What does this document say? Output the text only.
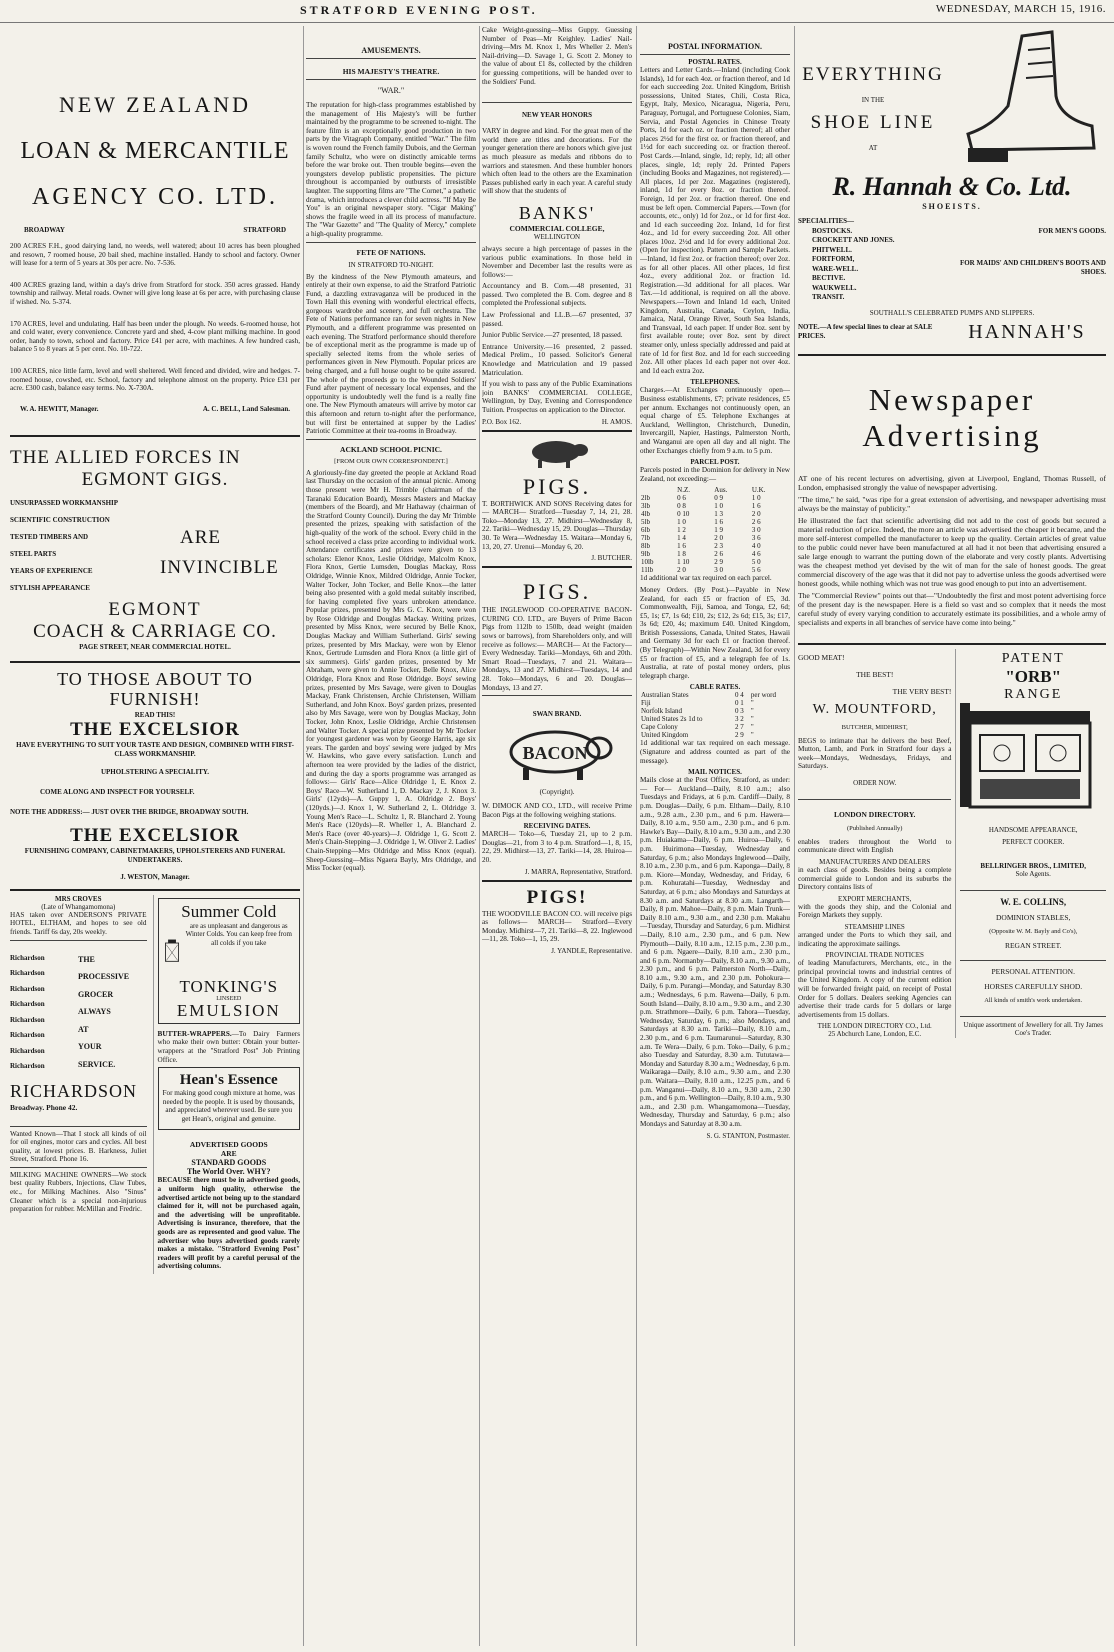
STRATFORD EVENING POST.	WEDNESDAY, MARCH 15, 1916.
NEW ZEALAND
LOAN & MERCANTILE
AGENCY CO. LTD.
BROADWAY	STRATFORD

200 ACRES F.H., good dairying land, no weeds, well watered; about 10 acres has been ploughed and resown, 7 roomed house, 20 bail shed, machine installed. Handy to school and factory. Owner will lease for a term of 5 years at 30s per acre. No. 7-536.

400 ACRES grazing land, within a day's drive from Stratford for stock. 350 acres grassed. Handy township and railway. Metal roads. Owner will give long lease at 6s per acre, with purchasing clause if wished. No. 5-374.

170 ACRES, level and undulating. Half has been under the plough. No weeds. 6-roomed house, hot and cold water, every convenience. Concrete yard and shed, 4-cow plant milking machine. In good order, handy to town, school and factory. Price £41 per acre, with machines. A few hundred cash, balance 5 to 8 years at 5 per cent. No. 10-722.

100 ACRES, nice little farm, level and well sheltered. Well fenced and divided, wire and hedges. 7-roomed house, cowshed, etc. School, factory and telephone almost on the property. Price £31 per acre. £300 cash, balance easy terms. No. X-730A.

W. A. HEWITT, Manager.	A. C. BELL, Land Salesman.
THE ALLIED FORCES IN
EGMONT GIGS.
UNSURPASSED WORKMANSHIP
SCIENTIFIC CONSTRUCTION
TESTED TIMBERS AND
STEEL PARTS
YEARS OF EXPERIENCE
STYLISH APPEARANCE
ARE
INVINCIBLE
EGMONT
COACH & CARRIAGE CO.
PAGE STREET, NEAR COMMERCIAL HOTEL.
TO THOSE ABOUT TO
FURNISH!
READ THIS!
THE EXCELSIOR
HAVE EVERYTHING TO SUIT YOUR TASTE AND DESIGN, COMBINED WITH FIRST-CLASS WORKMANSHIP.
UPHOLSTERING A SPECIALITY.
COME ALONG AND INSPECT FOR YOURSELF.
NOTE THE ADDRESS:— JUST OVER THE BRIDGE, BROADWAY SOUTH.
THE EXCELSIOR
FURNISHING COMPANY, CABINETMAKERS, UPHOLSTERERS AND FUNERAL UNDERTAKERS.
J. WESTON, Manager.
MRS CROVES
(Late of Whangamomona)

HAS taken over ANDERSON'S PRIVATE HOTEL, ELTHAM, and hopes to see old friends. Tariff 6s day, 20s weekly.

Richardson
Richardson
Richardson
Richardson
Richardson
Richardson
Richardson
Richardson
THE
PROCESSIVE
GROCER
ALWAYS
AT
YOUR
SERVICE.
RICHARDSON
Broadway. Phone 42.

Wanted Known—That I stock all kinds of oil for oil engines, motor cars and cycles. All best quality, at lowest prices. B. Harkness, Juliet Street, Stratford. Phone 16.

MILKING MACHINE OWNERS—We stock best quality Rubbers, Injections, Claw Tubes, etc., for Milking Machines. Also "Sinus" Cleaner which is a special non-injurious preparation for rubber. McMillan and Fredric.

Summer Cold

are as unpleasant and dangerous as Winter Colds. You can keep free from all colds if you take

TONKING'S
LINSEED
EMULSION

BUTTER-WRAPPERS.—To Dairy Farmers who make their own butter: Obtain your butter-wrappers at the "Stratford Post" Job Printing Office.

Hean's Essence

For making good cough mixture at home, was needed by the people. It is used by thousands, and appreciated wherever used. Be sure you get Hean's, original and genuine.

ADVERTISED GOODS
ARE
STANDARD GOODS
The World Over. WHY?

BECAUSE there must be in advertised goods, a uniform high quality, otherwise the advertised article not being up to the standard claimed for it, will not be purchased again, and the advertising will be unprofitable. Advertising is insurance, therefore, that the goods are as represented and good value. The advertiser who buys advertised goods rarely makes a mistake. "Stratford Evening Post" readers will profit by a careful perusal of the advertising columns.

AMUSEMENTS.
HIS MAJESTY'S THEATRE.
"WAR."

The reputation for high-class programmes established by the management of His Majesty's will be further maintained by the programme to be screened to-night. The feature film is an exceptionally good production in two parts by the Vitagraph Company, entitled "War." The film is woven round the French family Dubois, and the German family Schultz, who were on distinctly amicable terms before the war broke out. Then trouble begins—even the youngsters develop publistic propensities. The picture throughout is accompanied by outbursts of irresistible laughter. The supporting films are "The Cornet," a pathetic drama, which introduces a clever child actress. "If May Be You" is an original newspaper story. "Cigar Making" shows the fragile weed in all its process of manufacture. The "War Gazette" and "The Quality of Mercy," complete a high-quality programme.

FETE OF NATIONS.
IN STRATFORD TO-NIGHT.

By the kindness of the New Plymouth amateurs, and entirely at their own expense, to aid the Stratford Patriotic Fund, a dazzling extravaganza will be produced in the Town Hall this evening with wonderful electrical effects, gorgeous wardrobe and scenery, and full orchestra. The Fete of Nations performance ran for seven nights in New Plymouth, and a different programme was presented on each evening. The Stratford performance should therefore be of exceptional merit as the programme is made up of specially selected items from the whole series of performances given in New Plymouth. Popular prices are being charged, and a full house ought to be quite assured. The whole of the proceeds go to the Wounded Soldiers' Fund after payment of necessary local expenses, and the opportunity is undoubtedly well the fund is a really fine one. The New Plymouth amateurs will arrive by motor car this afternoon and return to-night after the performance, but will first be entertained at supper by the Ladies' Patriotic Committee at their tea-rooms in Broadway.

ACKLAND SCHOOL PICNIC.
[FROM OUR OWN CORRESPONDENT.]

A gloriously-fine day greeted the people at Ackland Road last Thursday on the occasion of the annual picnic. Among those present were Mr H. Trimble (chairman of the Taranaki Education Board), Messrs Masters and Mackay (members of the Board), and Mr Hathaway (chairman of the Stratford County Council). During the day Mr Trimble presented the prizes, speaking with satisfaction of the high-quality of the work of the school. Every child in the school received a class prize according to individual work. Attendance certificates and prizes were given to 13 scholars: Elenor Knox, Leslie Oldridge, Malcolm Knox, Flora Knox, Gertie Lumsden, Douglas Mackay, Ross Oldridge, Winnie Knox, Mildred Oldridge, Annie Tocker, Walter Tocker, John Tocker, and Belle Knox—the latter being also presented with a gold medal suitably inscribed, for having completed five years unbroken attendance. Popular prizes, presented by Mrs G. C. Knox, were won by Rose Oldridge and Douglas Mackay. Writing prizes, presented by Miss Knox, were secured by Belle Knox, Douglas Mackay and William Sutherland. Girls' sewing prizes, presented by Mrs Mackay, were won by Elenor Knox, Gertrude Lumsden and Flora Knox (a little girl of six summers). Girls' garden prizes, presented by Mr Abraham, were given to Annie Tocker, Belle Knox, Alice Oldridge, Flora Knox and Rose Oldridge. Boys' sewing prizes, presented by Mrs Savage, were given to Douglas Mackay, Frank Christensen, Archie Christensen, William Sutherland, and John Knox. Boys' garden prizes, presented also by Mrs Savage, were won by Douglas Mackay, John Tocker, John Knox, Leslie Oldridge, Archie Christensen and Walter Tocker. A special prize presented by Mr Tocker for youngest gardener was won by George Harris, age six years. The garden and boys' sewing were judged by Mrs W. Hawkins, who gave every satisfaction. Lunch and afternoon tea were provided by the ladies of the district, and during the day a sports programme was arranged as follows:— Girls' Race—Alice Oldridge 1, E. Knox 2. Boys' Race—W. Sutherland 1, D. Mackay 2, J. Knox 3. Girls' (12yds)—A. Guppy 1, A. Oldridge 2. Boys' (120yds.)—J. Knox 1, W. Sutherland 2, L. Oldridge 3. Young Men's Race—L. Schultz 1, R. Blanchard 2. Young Men's Race (120yds)—R. Wheller 1, A. Blanchard 2. Men's Race (over 40-years)—J. Oldridge 1, G. Scott 2. Men's Chain-Stepping—J. Oldridge 1, W. Oliver 2. Ladies' Chain-Stepping—Mrs Oldridge and Miss Knox (equal). Sheep-Guessing—Miss Ngaera Bayly, Mrs Oldridge, and Miss Tocker (equal).

Cake Weight-guessing—Miss Guppy. Guessing Number of Peas—Mr Keighley. Ladies' Nail-driving—Mrs M. Knox 1, Mrs Wheller 2. Men's Nail-driving—D. Savage 1, G. Scott 2. Money to the value of about £1 8s, collected by the children for guessing competitions, will be handed over to the Soldiers' Fund.

NEW YEAR HONORS

VARY in degree and kind. For the great men of the world there are titles and decorations. For the younger generation there are honors which give just as much pleasure as medals and ribbons do to warriors and statesmen. And these humbler honors which often lead to the others are the Examination Passes published early in each year. A careful study will show that the students of

BANKS'
COMMERCIAL COLLEGE,
WELLINGTON

always secure a high percentage of passes in the various public examinations. In those held in November and December last the results were as follows:—

Accountancy and B. Com.—48 presented, 31 passed. Two completed the B. Com. degree and 8 completed the Professional subjects.

Law Professional and LL.B.—67 presented, 37 passed.

Junior Public Service.—27 presented, 18 passed.

Entrance University.—16 presented, 2 passed. Medical Prelim., 10 passed. Solicitor's General Knowledge and Matriculation and 19 passed Matriculation.

If you wish to pass any of the Public Examinations join BANKS' COMMERCIAL COLLEGE, Wellington, by Day, Evening and Correspondence Tuition. Prospectus on application to the Director.

P.O. Box 162.	H. AMOS.
PIGS.

T. BORTHWICK AND SONS Receiving dates for— MARCH— Stratford—Tuesday 7, 14, 21, 28. Toko—Monday 13, 27. Midhirst—Wednesday 8, 22. Tariki—Wednesday 15, 29. Douglas—Thursday 30. Te Wera—Wednesday 15. Waitara—Monday 6, 13, 20, 27. Urenui—Monday 6, 20.

J. BUTCHER.
PIGS.

THE INGLEWOOD CO-OPERATIVE BACON-CURING CO. LTD., are Buyers of Prime Bacon Pigs from 112lb to 150lb, dead weight (maiden sows or barrows), from Shareholders only, and will receive as follows:— MARCH— At the Factory—Every Wednesday. Tariki—Mondays, 6th and 20th. Smart Road—Tuesdays, 7 and 21. Waitara—Mondays, 13 and 27. Midhirst—Tuesdays, 14 and 28. Toko—Mondays, 6 and 20. Douglas—Mondays, 13 and 27.

SWAN BRAND.
BACON
(Copyright).

W. DIMOCK AND CO., LTD., will receive Prime Bacon Pigs at the following weighing stations.

RECEIVING DATES.

MARCH— Toko—6, Tuesday 21, up to 2 p.m. Douglas—21, from 3 to 4 p.m. Stratford—1, 8, 15, 22, 29. Midhirst—13, 27. Tariki—14, 28. Huiroa—20.

J. MARRA, Representative, Stratford.
PIGS!

THE WOODVILLE BACON CO. will receive pigs as follows— MARCH— Stratford—Every Monday. Midhirst—7, 21. Tariki—8, 22. Inglewood—11, 28. Toko—1, 15, 29.

J. YANDLE, Representative.
POSTAL INFORMATION.
POSTAL RATES.

Letters and Letter Cards.—Inland (including Cook Islands), 1d for each 4oz. or fraction thereof, and 1d for each succeeding 2oz. United Kingdom, British possessions, United States, Chili, Costa Rica, Egypt, Italy, Mexico, Nicaragua, Nigeria, Peru, Paraguay, Portugal, and Portuguese Colonies, Siam, Servia, and Postal Agencies in Chinese Treaty Ports, 1d for each oz. or fraction thereof; all other places 2½d for the first oz. or fraction thereof, and 1½d for each succeeding oz. or fraction thereof. Post Cards.—Inland, single, 1d; reply, 1d; all other places, single, 1d; reply 2d. Printed Papers (including Books and Magazines, not registered).—All places, 1d per 2oz. Magazines (registered), inland, 1d for every 8oz. or fraction thereof. Foreign, 1d per 2oz. or fraction thereof. One end must be left open. Commercial Papers.—Town (for accounts, etc., only) 1d for 2oz., or 1d for first 4oz. and 1d each succeeding 2oz. Inland, 1d for first 4oz., and 1d for every succeeding 2oz. All other places 10oz. 2½d and 1d for every additional 2oz. (Open for inspection). Pattern and Sample Packets.—Inland, 1d first 2oz. or fraction thereof; over 2oz. as for all other places. All other places, 1d first 4oz., every additional 2oz. or fraction 1d. Registration.—3d additional for all places. War Tax.—1d additional, is required on all the above. Newspapers.—Town and Inland 1d each, United Kingdom, Australia, Canada, Ceylon, India, Jamaica, Natal, Orange River, South Sea Islands, and Transvaal, 1d each paper. If under 8oz. sent by first available route; over 8oz. sent by direct steamer only, unless specially addressed and paid at rate of 1d for first 8oz. and 1d for each succeeding 2oz. All other places 1d each paper not over 4oz. and 1d each extra 2oz.

TELEPHONES.

Charges.—At Exchanges continuously open—Business establishments, £7; private residences, £5 per annum. Exchanges not continuously open, an equal charge of £5. Telephone Exchanges at Auckland, Wellington, Christchurch, Dunedin, Invercargill, Napier, Hastings, Palmerston North, and Wanganui are open all day and all night. The other Exchanges chiefly from 9 a.m. to 5 p.m.

PARCEL POST.

Parcels posted in the Dominion for delivery in New Zealand, not exceeding:—

	N.Z.	Aus.	U.K.
2lb	0 6	0 9	1 0
3lb	0 8	1 0	1 6
4lb	0 10	1 3	2 0
5lb	1 0	1 6	2 6
6lb	1 2	1 9	3 0
7lb	1 4	2 0	3 6
8lb	1 6	2 3	4 0
9lb	1 8	2 6	4 6
10lb	1 10	2 9	5 0
11lb	2 0	3 0	5 6

1d additional war tax required on each parcel.

Money Orders. (By Post.)—Payable in New Zealand, for each £5 or fraction of £5, 3d. Commonwealth, Fiji, Samoa, and Tonga, £2, 6d; £5, 1s; £7, 1s 6d; £10, 2s; £12, 2s 6d; £15, 3s; £17, 3s 6d; £20, 4s; maximum £40. United Kingdom, British Possessions, Canada, United States, Hawaii and Germany 3d for each £1 or fraction thereof. (By Telegraph)—Within New Zealand, 3d for every £5 or fraction of £5, and a telegraph fee of 1s. Australia, at rate of postal money orders, plus telegraph charge.

CABLE RATES.
Australian States	0 4	per word
Fiji	0 1	"
Norfolk Island	0 3	"
United States 2s 1d to	3 2	"
Cape Colony	2 7	"
United Kingdom	2 9	"

1d additional war tax required on each message. (Signature and address counted as part of the message).

MAIL NOTICES.

Mails close at the Post Office, Stratford, as under:— For— Auckland—Daily, 8.10 a.m.; also Tuesdays and Fridays, at 6 p.m. Cardiff—Daily, 8 p.m. Douglas—Daily, 6 p.m. Eltham—Daily, 8.10 a.m., 9.28 a.m., 2.30 p.m., and 6 p.m. Hawera—Daily, 8.10 a.m., 9.50 a.m., 2.30 p.m., and 6 p.m. Hawke's Bay—Daily, 8.10 a.m., 9.30 a.m., and 2.30 p.m. Huiakama—Daily, 6 p.m. Huiroa—Daily, 6 p.m. Huirimona—Tuesday, Wednesday and Saturday, 6 p.m.; also Mondays Inglewood—Daily, 8.10 a.m., 2.30 p.m., and 6 p.m. Kaponga—Daily, 8 p.m. Kiore—Monday, Wednesday, and Friday, 6 p.m. Kohuratahi—Tuesday, Wednesday and Saturday, at 6 p.m.; also Mondays and Saturdays at 8.30 a.m. and Saturdays at 8.30 a.m. Langarth—Daily, 8 p.m. Mahoe—Daily, 8 p.m. Main Trunk—Daily 8.10 a.m., 9.30 a.m., and 2.30 p.m. Makahu—Tuesday, Thursday and Saturday, 6 p.m. Midhirst—Daily, 8.10 a.m., 2.30 p.m., and 6 p.m. New Plymouth—Daily, 8.10 a.m., 12.15 p.m., 2.30 p.m., and 6 p.m. Ngaere—Daily, 8.10 a.m., 2.30 p.m., and 6 p.m. Normanby—Daily, 8.10 a.m., 9.30 a.m., 2.30 p.m., and 6 p.m. Palmerston North—Daily, 8.10 a.m., 9.30 a.m., and 2.30 p.m. Pohokura—Daily, 6 p.m. Purangi—Monday, and Saturday 8.30 a.m.; Wednesdays, 6 p.m. Rawena—Daily, 6 p.m. South Island—Daily, 8.10 a.m., 9.30 a.m., and 2.30 p.m. Strathmore—Daily, 6 p.m. Tahora—Tuesday, Wednesday, Saturday, 6 p.m.; also Mondays, and Saturdays at 8.30 a.m. Tariki—Daily, 8.10 a.m., 2.30 p.m., and 6 p.m. Taumarunui—Saturday, 8.30 a.m. Te Wera—Daily, 6 p.m. Toko—Daily, 6 p.m.; also Tuesday and Saturday, 8.30 a.m. Tututawa—Monday and Saturday 8.30 a.m.; Wednesday, 6 p.m. Waikaraga—Daily, 8.10 a.m., 9.30 a.m., and 2.30 p.m. Waitara—Daily, 8.10 a.m., 12.25 p.m., and 6 p.m. Wanganui—Daily, 8.10 a.m., 9.30 a.m., 2.30 p.m., and 6 p.m. Wellington—Daily, 8.10 a.m., 9.30 a.m., and 2.30 p.m. Whangamomona—Tuesday, Wednesday, Thursday and Saturday, 6 p.m.; also Mondays and Saturday at 8.30 a.m.

S. G. STANTON, Postmaster.
EVERYTHING
IN THE
SHOE LINE
AT
R. Hannah & Co. Ltd.
SHOEISTS.
SPECIALITIES—
BOSTOCKS.
CROCKETT AND JONES.
PHITWELL.
FORTFORM,
WARE-WELL.
BECTIVE.
WAUKWELL.
TRANSIT.
FOR MEN'S GOODS.
FOR MAIDS' AND CHILDREN'S BOOTS AND SHOES.
SOUTHALL'S CELEBRATED PUMPS AND SLIPPERS.
NOTE.—A few special lines to clear at SALE PRICES.	HANNAH'S
Newspaper
Advertising

AT one of his recent lectures on advertising, given at Liverpool, England, Thomas Russell, of London, emphasised strongly the value of newspaper advertising.

"The time," he said, "was ripe for a great extension of advertising, and newspaper advertising must always be the mainstay of publicity."

He illustrated the fact that scientific advertising did not add to the cost of goods but secured a material reduction of price. Indeed, the more an article was advertised the cheaper it became, and the more self-interest compelled the manufacturer to keep up the quality. Certain articles of great value to the public could never have been manufactured at all had it not been that advertising ensured a sale large enough to warrant the putting down of the elaborate and very costly plants. Advertising was the cheapest method yet devised by the wit of man for the sale of honest goods. The great commercial discovery of the age was that it did not pay to advertise unless the goods advertised were honest goods, while nothing which was not true was good enough to put into an advertisement.

The "Commercial Review" points out that—"Undoubtedly the first and most potent advertising force of the present day is the newspaper. Here is a field so vast and so complex that it needs the most careful study of every varying condition to accurately estimate its possibilities, and a whole army of specialists and experts in all branches of service have come into being."

GOOD MEAT!
THE BEST!
THE VERY BEST!
W. MOUNTFORD,
BUTCHER, MIDHIRST,

BEGS to intimate that he delivers the best Beef, Mutton, Lamb, and Pork in Stratford four days a week—Mondays, Wednesdays, Fridays, and Saturdays.

ORDER NOW.
LONDON DIRECTORY.
(Published Annually)

enables traders throughout the World to communicate direct with English

MANUFACTURERS AND DEALERS

in each class of goods. Besides being a complete commercial guide to London and its suburbs the Directory contains lists of

EXPORT MERCHANTS,

with the goods they ship, and the Colonial and Foreign Markets they supply.

STEAMSHIP LINES

arranged under the Ports to which they sail, and indicating the approximate sailings.

PROVINCIAL TRADE NOTICES

of leading Manufacturers, Merchants, etc., in the principal provincial towns and industrial centres of the United Kingdom. A copy of the current edition will be forwarded freight paid, on receipt of Postal Order for 5 dollars. Dealers seeking Agencies can advertise their trade cards for 5 dollars or large advertisements from 15 dollars.

THE LONDON DIRECTORY CO., Ltd.
25 Abchurch Lane, London, E.C.
PATENT
"ORB"
RANGE
HANDSOME APPEARANCE,
PERFECT COOKER.
BELLRINGER BROS., LIMITED,
Sole Agents.
W. E. COLLINS,
DOMINION STABLES,
(Opposite W. M. Bayly and Co's),
REGAN STREET.
PERSONAL ATTENTION.
HORSES CAREFULLY SHOD.
All kinds of smith's work undertaken.
Unique assortment of Jewellery for all. Try James Coe's Trader.
